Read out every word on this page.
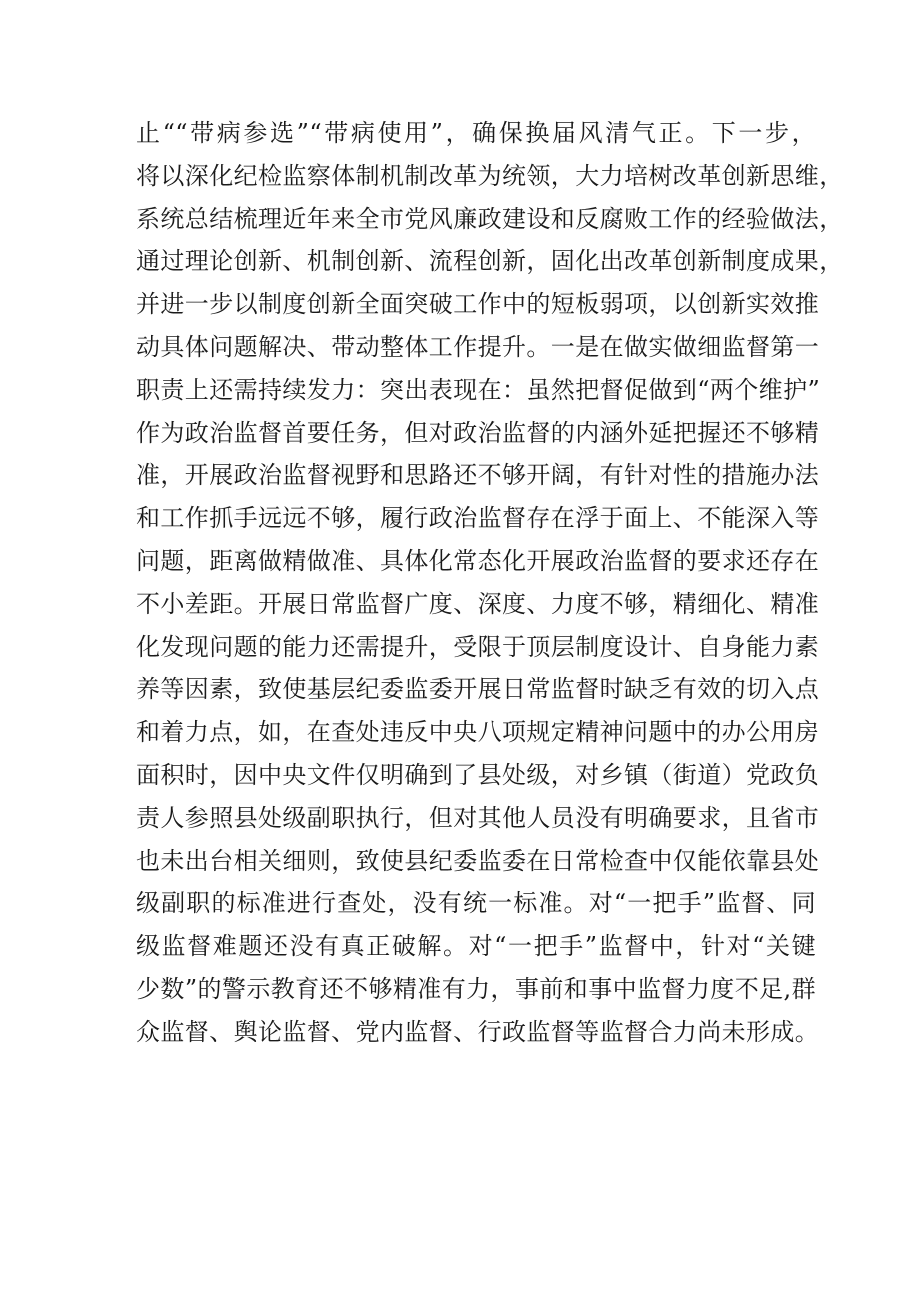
止““带病参选”“带病使用”，确保换届风清气正。下一步，
将以深化纪检监察体制机制改革为统领，大力培树改革创新思维，
系统总结梳理近年来全市党风廉政建设和反腐败工作的经验做法，
通过理论创新、机制创新、流程创新，固化出改革创新制度成果，
并进一步以制度创新全面突破工作中的短板弱项，以创新实效推
动具体问题解决、带动整体工作提升。一是在做实做细监督第一
职责上还需持续发力：突出表现在：虽然把督促做到“两个维护”
作为政治监督首要任务，但对政治监督的内涵外延把握还不够精
准，开展政治监督视野和思路还不够开阔，有针对性的措施办法
和工作抓手远远不够，履行政治监督存在浮于面上、不能深入等
问题，距离做精做准、具体化常态化开展政治监督的要求还存在
不小差距。开展日常监督广度、深度、力度不够，精细化、精准
化发现问题的能力还需提升，受限于顶层制度设计、自身能力素
养等因素，致使基层纪委监委开展日常监督时缺乏有效的切入点
和着力点，如，在查处违反中央八项规定精神问题中的办公用房
面积时，因中央文件仅明确到了县处级，对乡镇（街道）党政负
责人参照县处级副职执行，但对其他人员没有明确要求，且省市
也未出台相关细则，致使县纪委监委在日常检查中仅能依靠县处
级副职的标准进行查处，没有统一标准。对“一把手”监督、同
级监督难题还没有真正破解。对“一把手”监督中，针对“关键
少数”的警示教育还不够精准有力，事前和事中监督力度不足,群
众监督、舆论监督、党内监督、行政监督等监督合力尚未形成。
